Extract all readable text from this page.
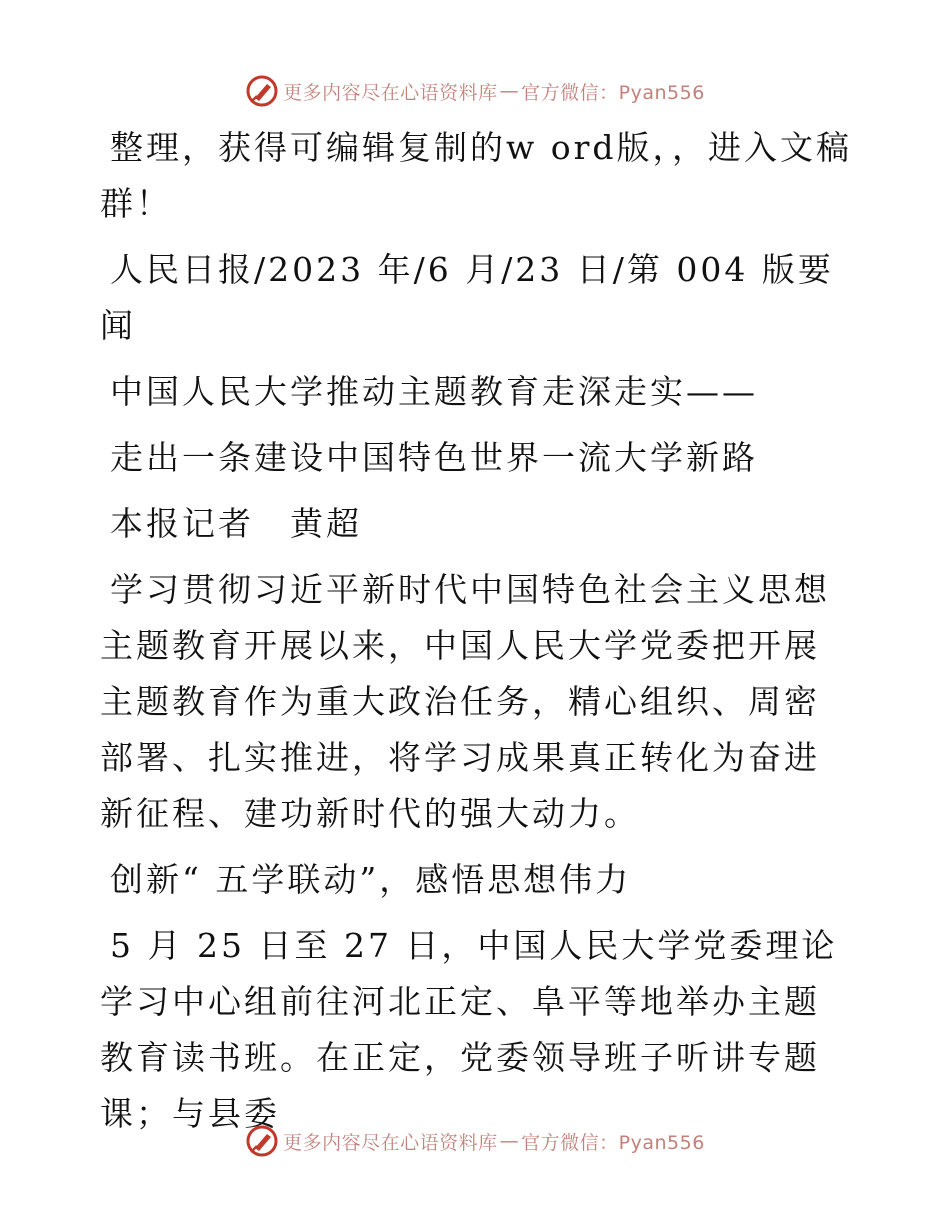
更多内容尽在心语资料库 — 官方微信：Pyan556

整理，获得可编辑复制的w ord版，，进入文稿群！

人民日报/2023 年/6 月/23 日/第 004 版要闻

中国人民大学推动主题教育走深走实——

走出一条建设中国特色世界一流大学新路

本报记者　黄超

学习贯彻习近平新时代中国特色社会主义思想主题教育开展以来，中国人民大学党委把开展主题教育作为重大政治任务，精心组织、周密部署、扎实推进，将学习成果真正转化为奋进新征程、建功新时代的强大动力。

创新“ 五学联动”，感悟思想伟力

5 月 25 日至 27 日，中国人民大学党委理论学习中心组前往河北正定、阜平等地举办主题教育读书班。在正定，党委领导班子听讲专题课；与县委

更多内容尽在心语资料库 — 官方微信：Pyan556
